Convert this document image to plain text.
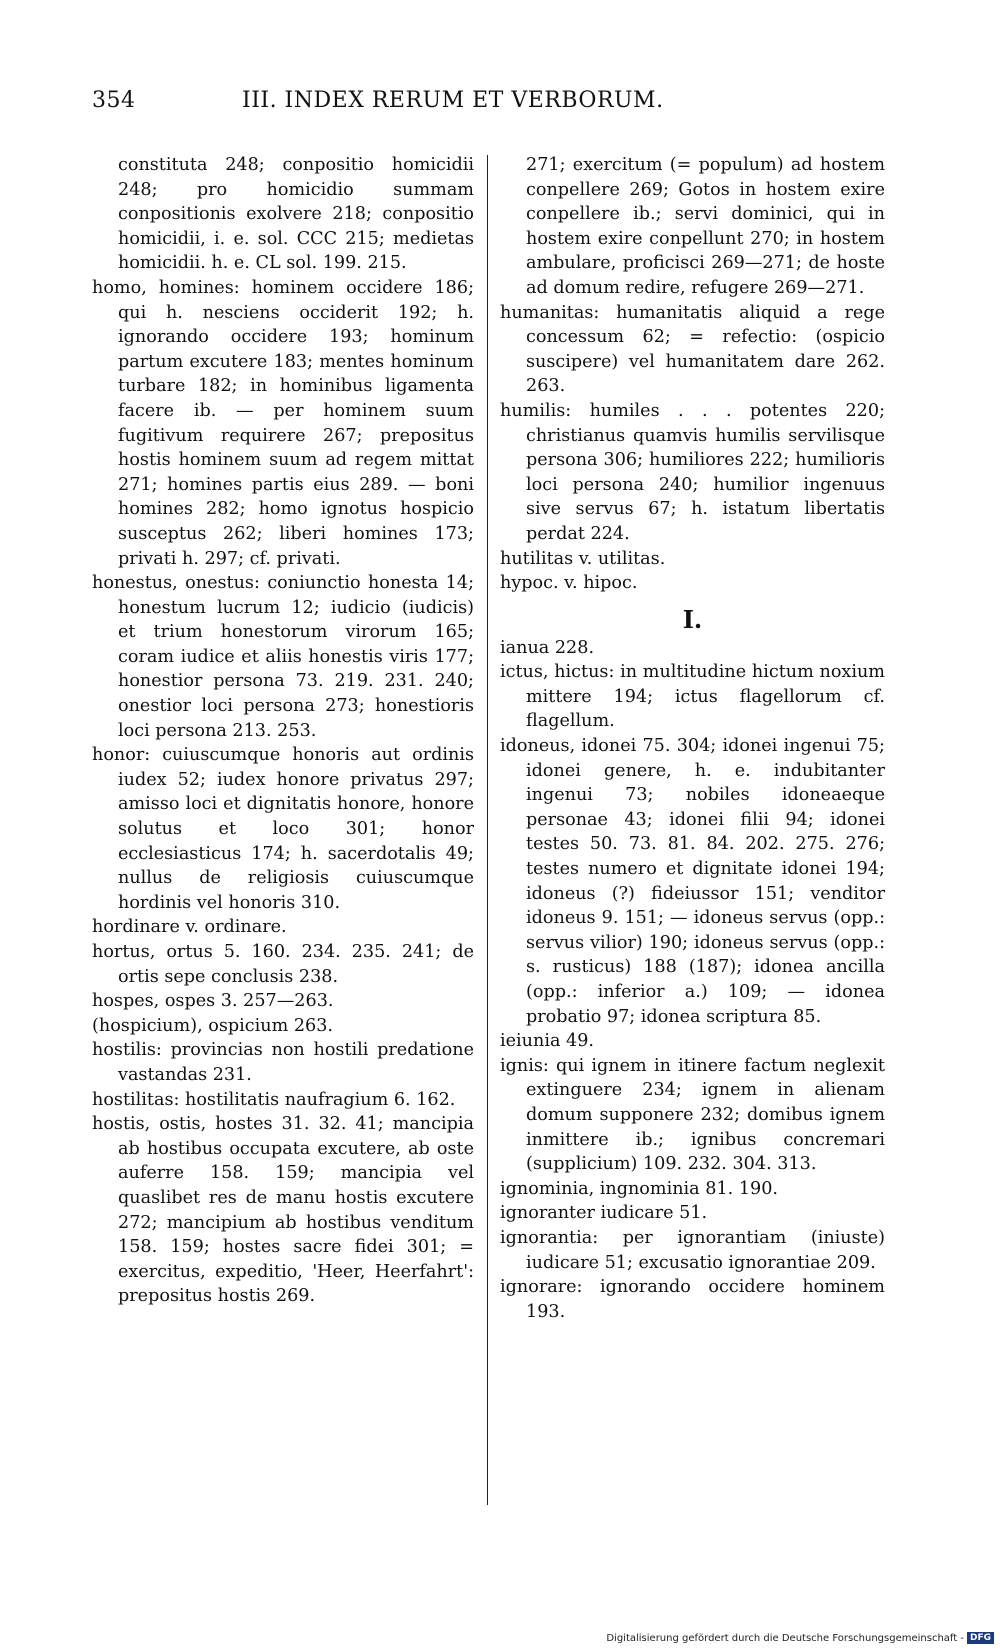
354	III. INDEX RERUM ET VERBORUM.

constituta 248; conpositio homicidii 248; pro homicidio summam conpositionis exolvere 218; conpositio homicidii, i. e. sol. CCC 215; medietas homicidii. h. e. CL sol. 199. 215.

homo, homines: hominem occidere 186; qui h. nesciens occiderit 192; h. ignorando occidere 193; hominum partum excutere 183; mentes hominum turbare 182; in hominibus ligamenta facere ib. — per hominem suum fugitivum requirere 267; prepositus hostis hominem suum ad regem mittat 271; homines partis eius 289. — boni homines 282; homo ignotus hospicio susceptus 262; liberi homines 173; privati h. 297; cf. privati.

honestus, onestus: coniunctio honesta 14; honestum lucrum 12; iudicio (iudicis) et trium honestorum virorum 165; coram iudice et aliis honestis viris 177; honestior persona 73. 219. 231. 240; onestior loci persona 273; honestioris loci persona 213. 253.

honor: cuiuscumque honoris aut ordinis iudex 52; iudex honore privatus 297; amisso loci et dignitatis honore, honore solutus et loco 301; honor ecclesiasticus 174; h. sacerdotalis 49; nullus de religiosis cuiuscumque hordinis vel honoris 310.

hordinare v. ordinare.

hortus, ortus 5. 160. 234. 235. 241; de ortis sepe conclusis 238.

hospes, ospes 3. 257—263.

(hospicium), ospicium 263.

hostilis: provincias non hostili predatione vastandas 231.

hostilitas: hostilitatis naufragium 6. 162.

hostis, ostis, hostes 31. 32. 41; mancipia ab hostibus occupata excutere, ab oste auferre 158. 159; mancipia vel quaslibet res de manu hostis excutere 272; mancipium ab hostibus venditum 158. 159; hostes sacre fidei 301; = exercitus, expeditio, 'Heer, Heerfahrt': prepositus hostis 269.

271; exercitum (= populum) ad hostem conpellere 269; Gotos in hostem exire conpellere ib.; servi dominici, qui in hostem exire conpellunt 270; in hostem ambulare, proficisci 269—271; de hoste ad domum redire, refugere 269—271.

humanitas: humanitatis aliquid a rege concessum 62; = refectio: (ospicio suscipere) vel humanitatem dare 262. 263.

humilis: humiles . . . potentes 220; christianus quamvis humilis servilisque persona 306; humiliores 222; humilioris loci persona 240; humilior ingenuus sive servus 67; h. istatum libertatis perdat 224.

hutilitas v. utilitas.

hypoc. v. hipoc.

I.

ianua 228.

ictus, hictus: in multitudine hictum noxium mittere 194; ictus flagellorum cf. flagellum.

idoneus, idonei 75. 304; idonei ingenui 75; idonei genere, h. e. indubitanter ingenui 73; nobiles idoneaeque personae 43; idonei filii 94; idonei testes 50. 73. 81. 84. 202. 275. 276; testes numero et dignitate idonei 194; idoneus (?) fideiussor 151; venditor idoneus 9. 151; — idoneus servus (opp.: servus vilior) 190; idoneus servus (opp.: s. rusticus) 188 (187); idonea ancilla (opp.: inferior a.) 109; — idonea probatio 97; idonea scriptura 85.

ieiunia 49.

ignis: qui ignem in itinere factum neglexit extinguere 234; ignem in alienam domum supponere 232; domibus ignem inmittere ib.; ignibus concremari (supplicium) 109. 232. 304. 313.

ignominia, ingnominia 81. 190.

ignoranter iudicare 51.

ignorantia: per ignorantiam (iniuste) iudicare 51; excusatio ignorantiae 209.

ignorare: ignorando occidere hominem 193.

Digitalisierung gefördert durch die Deutsche Forschungsgemeinschaft - DFG
